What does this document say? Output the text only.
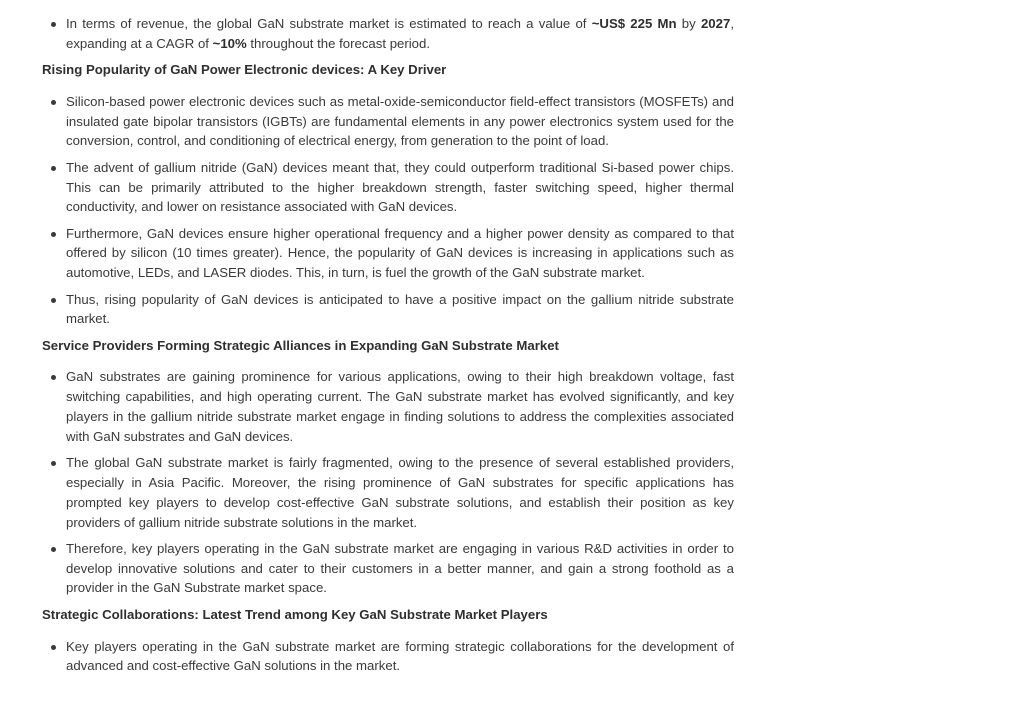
In terms of revenue, the global GaN substrate market is estimated to reach a value of ~US$ 225 Mn by 2027, expanding at a CAGR of ~10% throughout the forecast period.
Rising Popularity of GaN Power Electronic devices: A Key Driver
Silicon-based power electronic devices such as metal-oxide-semiconductor field-effect transistors (MOSFETs) and insulated gate bipolar transistors (IGBTs) are fundamental elements in any power electronics system used for the conversion, control, and conditioning of electrical energy, from generation to the point of load.
The advent of gallium nitride (GaN) devices meant that, they could outperform traditional Si-based power chips. This can be primarily attributed to the higher breakdown strength, faster switching speed, higher thermal conductivity, and lower on resistance associated with GaN devices.
Furthermore, GaN devices ensure higher operational frequency and a higher power density as compared to that offered by silicon (10 times greater). Hence, the popularity of GaN devices is increasing in applications such as automotive, LEDs, and LASER diodes. This, in turn, is fuel the growth of the GaN substrate market.
Thus, rising popularity of GaN devices is anticipated to have a positive impact on the gallium nitride substrate market.
Service Providers Forming Strategic Alliances in Expanding GaN Substrate Market
GaN substrates are gaining prominence for various applications, owing to their high breakdown voltage, fast switching capabilities, and high operating current. The GaN substrate market has evolved significantly, and key players in the gallium nitride substrate market engage in finding solutions to address the complexities associated with GaN substrates and GaN devices.
The global GaN substrate market is fairly fragmented, owing to the presence of several established providers, especially in Asia Pacific. Moreover, the rising prominence of GaN substrates for specific applications has prompted key players to develop cost-effective GaN substrate solutions, and establish their position as key providers of gallium nitride substrate solutions in the market.
Therefore, key players operating in the GaN substrate market are engaging in various R&D activities in order to develop innovative solutions and cater to their customers in a better manner, and gain a strong foothold as a provider in the GaN Substrate market space.
Strategic Collaborations: Latest Trend among Key GaN Substrate Market Players
Key players operating in the GaN substrate market are forming strategic collaborations for the development of advanced and cost-effective GaN solutions in the market.
